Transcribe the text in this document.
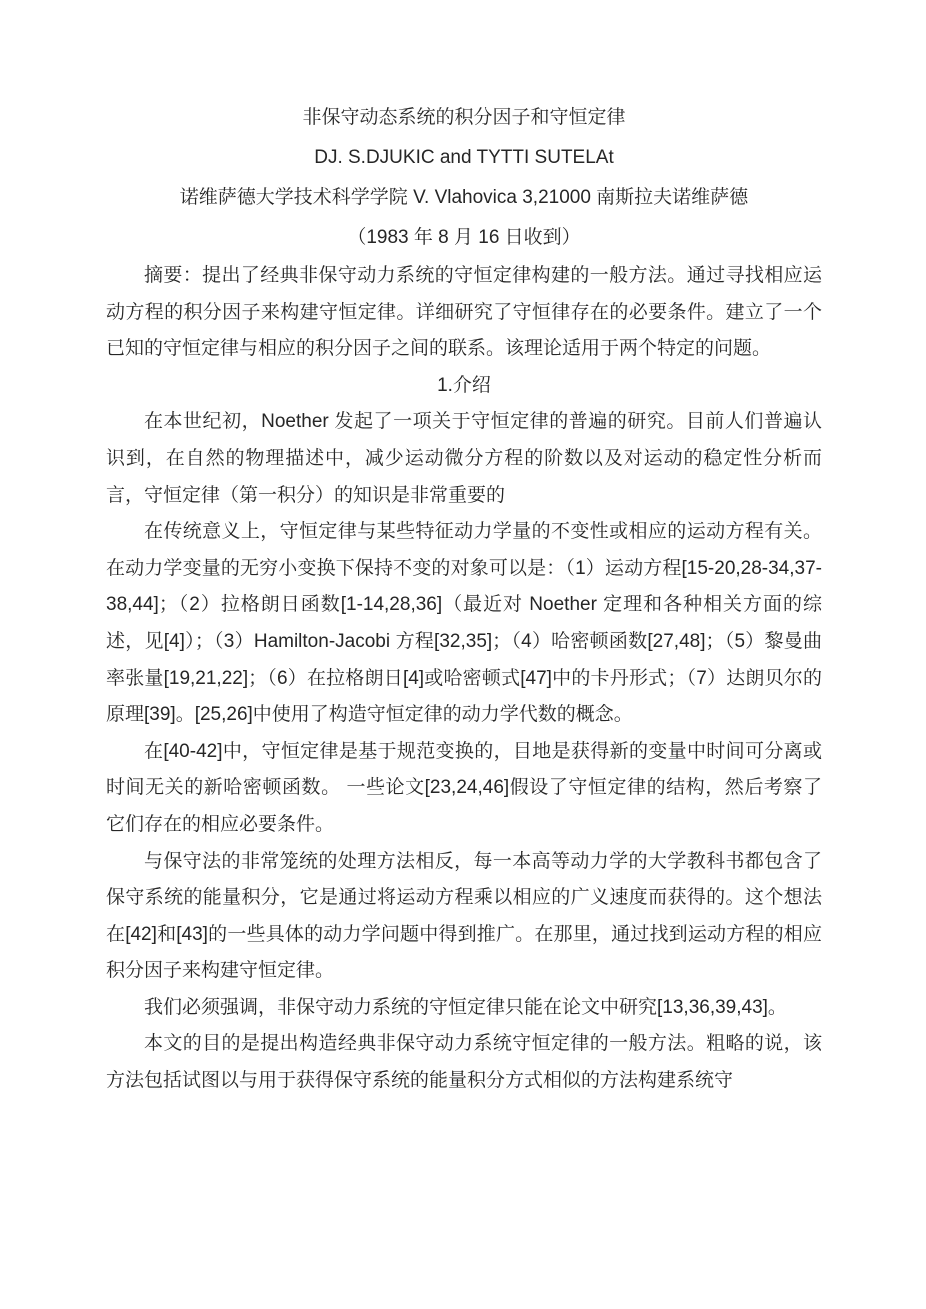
非保守动态系统的积分因子和守恒定律
DJ. S.DJUKIC and TYTTI SUTELAt
诺维萨德大学技术科学学院 V. Vlahovica 3,21000 南斯拉夫诺维萨德
（1983 年 8 月 16 日收到）

摘要：提出了经典非保守动力系统的守恒定律构建的一般方法。通过寻找相应运动方程的积分因子来构建守恒定律。详细研究了守恒律存在的必要条件。建立了一个已知的守恒定律与相应的积分因子之间的联系。该理论适用于两个特定的问题。

1.介绍

在本世纪初，Noether 发起了一项关于守恒定律的普遍的研究。目前人们普遍认识到，在自然的物理描述中，减少运动微分方程的阶数以及对运动的稳定性分析而言，守恒定律（第一积分）的知识是非常重要的

在传统意义上，守恒定律与某些特征动力学量的不变性或相应的运动方程有关。在动力学变量的无穷小变换下保持不变的对象可以是：（1）运动方程[15-20,28-34,37-38,44]；（2）拉格朗日函数[1-14,28,36]（最近对 Noether 定理和各种相关方面的综述，见[4]）；（3）Hamilton-Jacobi 方程[32,35]；（4）哈密顿函数[27,48]；（5）黎曼曲率张量[19,21,22]；（6）在拉格朗日[4]或哈密顿式[47]中的卡丹形式；（7）达朗贝尔的原理[39]。[25,26]中使用了构造守恒定律的动力学代数的概念。

在[40-42]中，守恒定律是基于规范变换的，目地是获得新的变量中时间可分离或时间无关的新哈密顿函数。 一些论文[23,24,46]假设了守恒定律的结构，然后考察了它们存在的相应必要条件。

与保守法的非常笼统的处理方法相反，每一本高等动力学的大学教科书都包含了保守系统的能量积分，它是通过将运动方程乘以相应的广义速度而获得的。这个想法在[42]和[43]的一些具体的动力学问题中得到推广。在那里，通过找到运动方程的相应积分因子来构建守恒定律。

我们必须强调，非保守动力系统的守恒定律只能在论文中研究[13,36,39,43]。

本文的目的是提出构造经典非保守动力系统守恒定律的一般方法。粗略的说，该方法包括试图以与用于获得保守系统的能量积分方式相似的方法构建系统守
